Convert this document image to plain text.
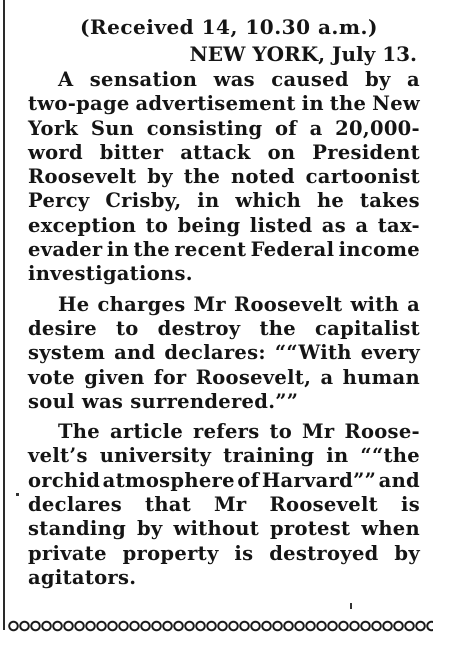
(Received 14, 10.30 a.m.)
NEW YORK, July 13.

A sensation was caused by a
two-page advertisement in the New
York Sun consisting of a 20,000-
word bitter attack on President
Roosevelt by the noted cartoonist
Percy Crisby, in which he takes
exception to being listed as a tax-
evader in the recent Federal income
investigations.

He charges Mr Roosevelt with a
desire to destroy the capitalist
system and declares: ““With every
vote given for Roosevelt, a human
soul was surrendered.””

The article refers to Mr Roose-
velt’s university training in ““the
orchid atmosphere of Harvard”” and
declares that Mr Roosevelt is
standing by without protest when
private property is destroyed by
agitators.
